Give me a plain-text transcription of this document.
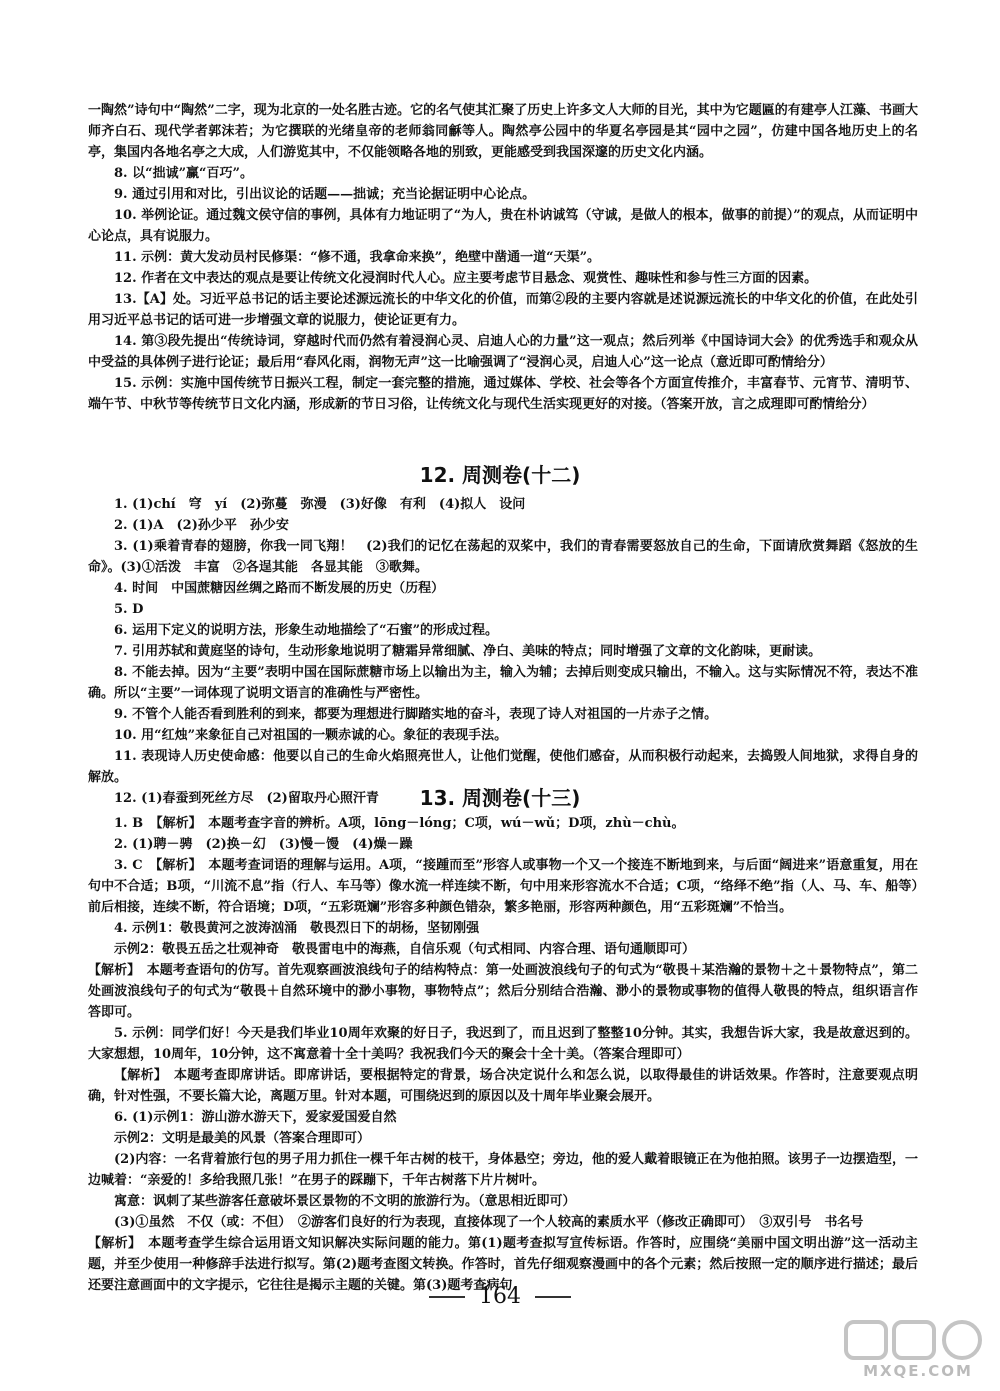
一陶然”诗句中“陶然”二字，现为北京的一处名胜古迹。它的名气使其汇聚了历史上许多文人大师的目光，其中为它题匾的有建亭人江藻、书画大师齐白石、现代学者郭沫若；为它撰联的光绪皇帝的老师翁同龢等人。陶然亭公园中的华夏名亭园是其“园中之园”，仿建中国各地历史上的名亭，集国内各地名亭之大成，人们游览其中，不仅能领略各地的别致，更能感受到我国深邃的历史文化内涵。

8. 以“拙诚”赢“百巧”。

9. 通过引用和对比，引出议论的话题——拙诚；充当论据证明中心论点。

10. 举例论证。通过魏文侯守信的事例，具体有力地证明了“为人，贵在朴讷诚笃（守诚，是做人的根本，做事的前提）”的观点，从而证明中心论点，具有说服力。

11. 示例：黄大发动员村民修渠：“修不通，我拿命来换”，绝壁中凿通一道“天渠”。

12. 作者在文中表达的观点是要让传统文化浸润时代人心。应主要考虑节目悬念、观赏性、趣味性和参与性三方面的因素。

13.【A】处。习近平总书记的话主要论述源远流长的中华文化的价值，而第②段的主要内容就是述说源远流长的中华文化的价值，在此处引用习近平总书记的话可进一步增强文章的说服力，使论证更有力。

14. 第③段先提出“传统诗词，穿越时代而仍然有着浸润心灵、启迪人心的力量”这一观点；然后列举《中国诗词大会》的优秀选手和观众从中受益的具体例子进行论证；最后用“春风化雨，润物无声”这一比喻强调了“浸润心灵，启迪人心”这一论点（意近即可酌情给分）

15. 示例：实施中国传统节日振兴工程，制定一套完整的措施，通过媒体、学校、社会等各个方面宣传推介，丰富春节、元宵节、清明节、端午节、中秋节等传统节日文化内涵，形成新的节日习俗，让传统文化与现代生活实现更好的对接。（答案开放，言之成理即可酌情给分）

12. 周测卷(十二)

1. (1)chí　穹　yí　(2)弥蔓　弥漫　(3)好像　有利　(4)拟人　设问

2. (1)A　(2)孙少平　孙少安

3. (1)乘着青春的翅膀，你我一同飞翔！　(2)我们的记忆在荡起的双桨中，我们的青春需要怒放自己的生命，下面请欣赏舞蹈《怒放的生命》。(3)①活泼　丰富　②各逞其能　各显其能　③歌舞。

4. 时间　中国蔗糖因丝绸之路而不断发展的历史（历程）

5. D

6. 运用下定义的说明方法，形象生动地描绘了“石蜜”的形成过程。

7. 引用苏轼和黄庭坚的诗句，生动形象地说明了糖霜异常细腻、净白、美味的特点；同时增强了文章的文化韵味，更耐读。

8. 不能去掉。因为“主要”表明中国在国际蔗糖市场上以输出为主，输入为辅；去掉后则变成只输出，不输入。这与实际情况不符，表达不准确。所以“主要”一词体现了说明文语言的准确性与严密性。

9. 不管个人能否看到胜利的到来，都要为理想进行脚踏实地的奋斗，表现了诗人对祖国的一片赤子之情。

10. 用“红烛”来象征自己对祖国的一颗赤诚的心。象征的表现手法。

11. 表现诗人历史使命感：他要以自己的生命火焰照亮世人，让他们觉醒，使他们感奋，从而积极行动起来，去捣毁人间地狱，求得自身的解放。

12. (1)春蚕到死丝方尽　(2)留取丹心照汗青	13. 周测卷(十三)

1. B　【解析】　本题考查字音的辨析。A项，lōng－lóng；C项，wú－wǔ；D项，zhù－chù。

2. (1)聘－骋　(2)换－幻　(3)慢－馒　(4)燥－躁

3. C　【解析】　本题考查词语的理解与运用。A项，“接踵而至”形容人或事物一个又一个接连不断地到来，与后面“阔进来”语意重复，用在句中不合适；B项，“川流不息”指（行人、车马等）像水流一样连续不断，句中用来形容流水不合适；C项，“络绎不绝”指（人、马、车、船等）前后相接，连续不断，符合语境；D项，“五彩斑斓”形容多种颜色错杂，繁多艳丽，形容两种颜色，用“五彩斑斓”不恰当。

4. 示例1：敬畏黄河之波涛汹涌　敬畏烈日下的胡杨，坚韧刚强

示例2：敬畏五岳之壮观神奇　敬畏雷电中的海燕，自信乐观（句式相同、内容合理、语句通顺即可）

【解析】　本题考查语句的仿写。首先观察画波浪线句子的结构特点：第一处画波浪线句子的句式为“敬畏＋某浩瀚的景物＋之＋景物特点”，第二处画波浪线句子的句式为“敬畏＋自然环境中的渺小事物，事物特点”；然后分别结合浩瀚、渺小的景物或事物的值得人敬畏的特点，组织语言作答即可。

5. 示例：同学们好！今天是我们毕业10周年欢聚的好日子，我迟到了，而且迟到了整整10分钟。其实，我想告诉大家，我是故意迟到的。大家想想，10周年，10分钟，这不寓意着十全十美吗？我祝我们今天的聚会十全十美。（答案合理即可）

【解析】　本题考查即席讲话。即席讲话，要根据特定的背景，场合决定说什么和怎么说，以取得最佳的讲话效果。作答时，注意要观点明确，针对性强，不要长篇大论，离题万里。针对本题，可围绕迟到的原因以及十周年毕业聚会展开。

6. (1)示例1：游山游水游天下，爱家爱国爱自然

示例2：文明是最美的风景（答案合理即可）

(2)内容：一名背着旅行包的男子用力抓住一棵千年古树的枝干，身体悬空；旁边，他的爱人戴着眼镜正在为他拍照。该男子一边摆造型，一边喊着：“亲爱的！多给我照几张！”在男子的踩蹦下，千年古树落下片片树叶。

寓意：讽刺了某些游客任意破坏景区景物的不文明的旅游行为。（意思相近即可）

(3)①虽然　不仅（或：不但）　②游客们良好的行为表现，直接体现了一个人较高的素质水平（修改正确即可）　③双引号　书名号

【解析】　本题考查学生综合运用语文知识解决实际问题的能力。第(1)题考查拟写宣传标语。作答时，应围绕“美丽中国文明出游”这一活动主题，并至少使用一种修辞手法进行拟写。第(2)题考查图文转换。作答时，首先仔细观察漫画中的各个元素；然后按照一定的顺序进行描述；最后还要注意画面中的文字提示，它往往是揭示主题的关键。第(3)题考查病句

164
MXQE.COM
